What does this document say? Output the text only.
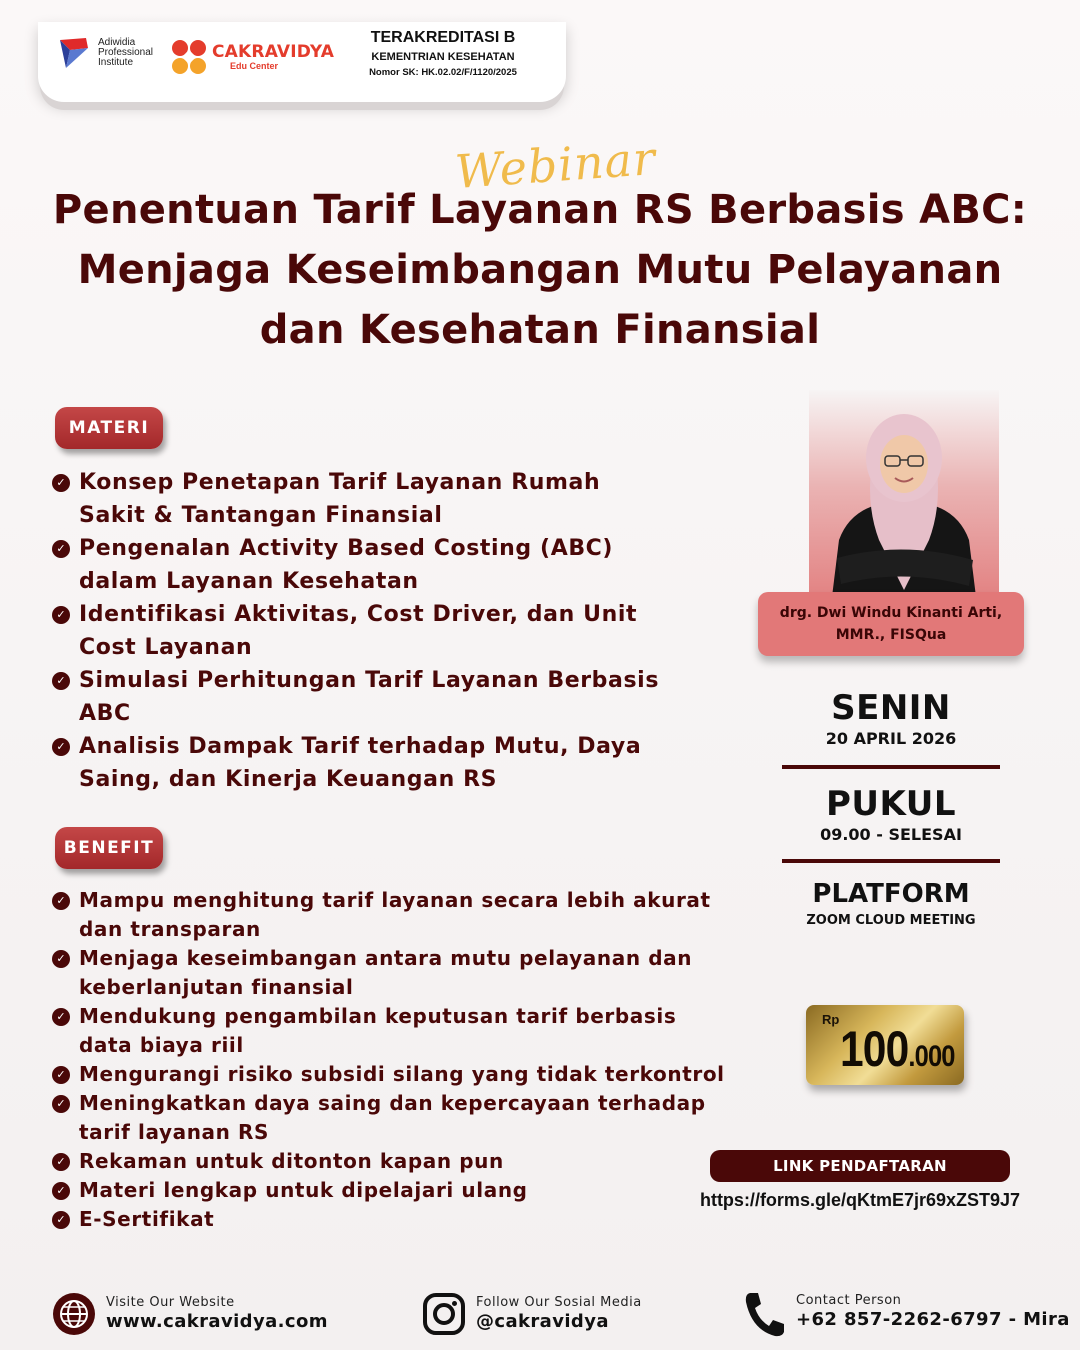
Adiwidia
Professional
Institute
CAKRAVIDYA
Edu Center
TERAKREDITASI B
KEMENTRIAN KESEHATAN
Nomor SK: HK.02.02/F/1120/2025
Penentuan Tarif Layanan RS Berbasis ABC:
Menjaga Keseimbangan Mutu Pelayanan
dan Kesehatan Finansial
Webinar
MATERI
✓ Konsep Penetapan Tarif Layanan Rumah
Sakit & Tantangan Finansial
✓ Pengenalan Activity Based Costing (ABC)
dalam Layanan Kesehatan
✓ Identifikasi Aktivitas, Cost Driver, dan Unit
Cost Layanan
✓ Simulasi Perhitungan Tarif Layanan Berbasis
ABC
✓ Analisis Dampak Tarif terhadap Mutu, Daya
Saing, dan Kinerja Keuangan RS
BENEFIT
✓ Mampu menghitung tarif layanan secara lebih akurat
dan transparan
✓ Menjaga keseimbangan antara mutu pelayanan dan
keberlanjutan finansial
✓ Mendukung pengambilan keputusan tarif berbasis
data biaya riil
✓ Mengurangi risiko subsidi silang yang tidak terkontrol
✓ Meningkatkan daya saing dan kepercayaan terhadap
tarif layanan RS
✓ Rekaman untuk ditonton kapan pun
✓ Materi lengkap untuk dipelajari ulang
✓ E-Sertifikat
drg. Dwi Windu Kinanti Arti,
MMR., FISQua
SENIN
20 APRIL 2026
PUKUL
09.00 - SELESAI
PLATFORM
ZOOM CLOUD MEETING
Rp
100.000
LINK PENDAFTARAN
https://forms.gle/qKtmE7jr69xZST9J7
Visite Our Website
www.cakravidya.com
Follow Our Sosial Media
@cakravidya
Contact Person
+62 857-2262-6797 - Mira
